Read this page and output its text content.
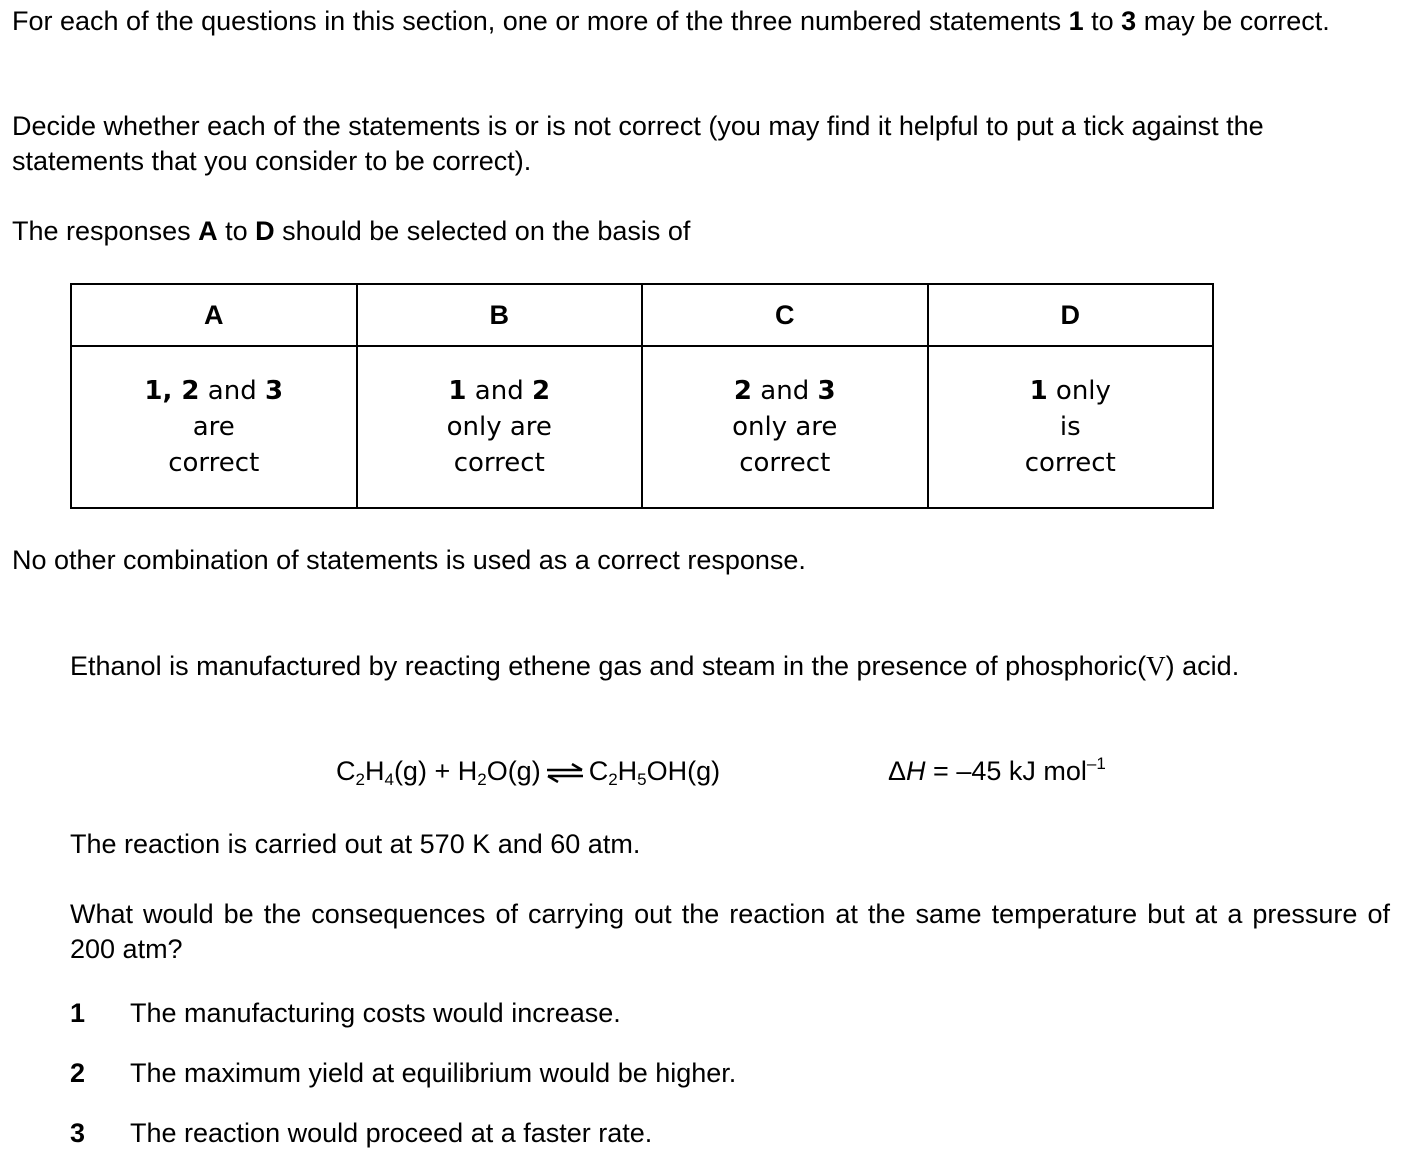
For each of the questions in this section, one or more of the three numbered statements 1 to 3 may be correct.
Decide whether each of the statements is or is not correct (you may find it helpful to put a tick against the statements that you consider to be correct).
The responses A to D should be selected on the basis of
A	B	C	D
1, 2 and 3
are
correct	1 and 2
only are
correct	2 and 3
only are
correct	1 only
is
correct
No other combination of statements is used as a correct response.
Ethanol is manufactured by reacting ethene gas and steam in the presence of phosphoric(V) acid.
$C_2H_4(g) + H_2O(g)$ ⇌ $C_2H_5OH(g)$	ΔH = –45 kJ mol$^{-1}$
The reaction is carried out at 570 K and 60 atm.
What would be the consequences of carrying out the reaction at the same temperature but at a pressure of 200 atm?
1 The manufacturing costs would increase.
2 The maximum yield at equilibrium would be higher.
3 The reaction would proceed at a faster rate.
